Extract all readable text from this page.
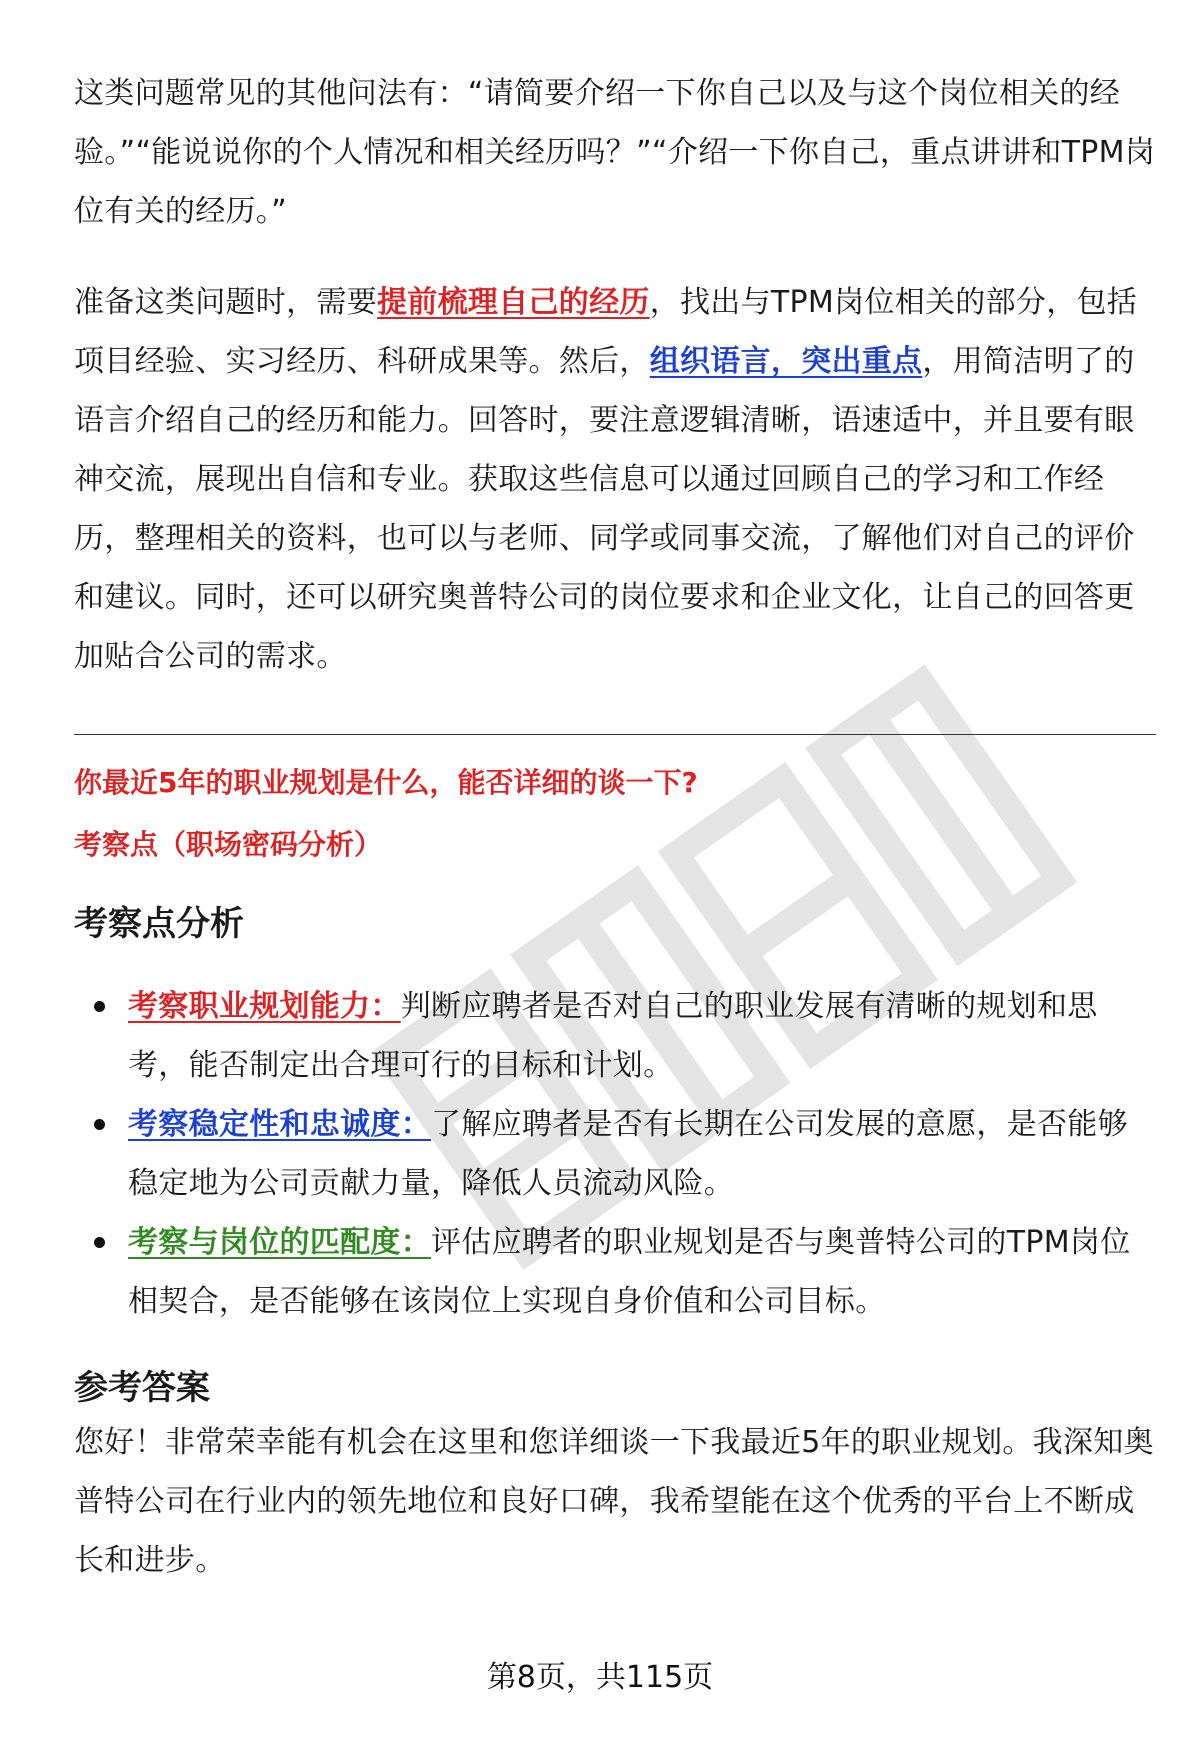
这类问题常见的其他问法有：“请简要介绍一下你自己以及与这个岗位相关的经验。”“能说说你的个人情况和相关经历吗？”“介绍一下你自己，重点讲讲和TPM岗位有关的经历。”

准备这类问题时，需要提前梳理自己的经历，找出与TPM岗位相关的部分，包括项目经验、实习经历、科研成果等。然后，组织语言，突出重点，用简洁明了的语言介绍自己的经历和能力。回答时，要注意逻辑清晰，语速适中，并且要有眼神交流，展现出自信和专业。获取这些信息可以通过回顾自己的学习和工作经历，整理相关的资料，也可以与老师、同学或同事交流，了解他们对自己的评价和建议。同时，还可以研究奥普特公司的岗位要求和企业文化，让自己的回答更加贴合公司的需求。

你最近5年的职业规划是什么，能否详细的谈一下?

考察点（职场密码分析）

考察点分析
考察职业规划能力：判断应聘者是否对自己的职业发展有清晰的规划和思考，能否制定出合理可行的目标和计划。
考察稳定性和忠诚度：了解应聘者是否有长期在公司发展的意愿，是否能够稳定地为公司贡献力量，降低人员流动风险。
考察与岗位的匹配度：评估应聘者的职业规划是否与奥普特公司的TPM岗位相契合，是否能够在该岗位上实现自身价值和公司目标。
参考答案

您好！非常荣幸能有机会在这里和您详细谈一下我最近5年的职业规划。我深知奥普特公司在行业内的领先地位和良好口碑，我希望能在这个优秀的平台上不断成长和进步。

第8页，共115页
